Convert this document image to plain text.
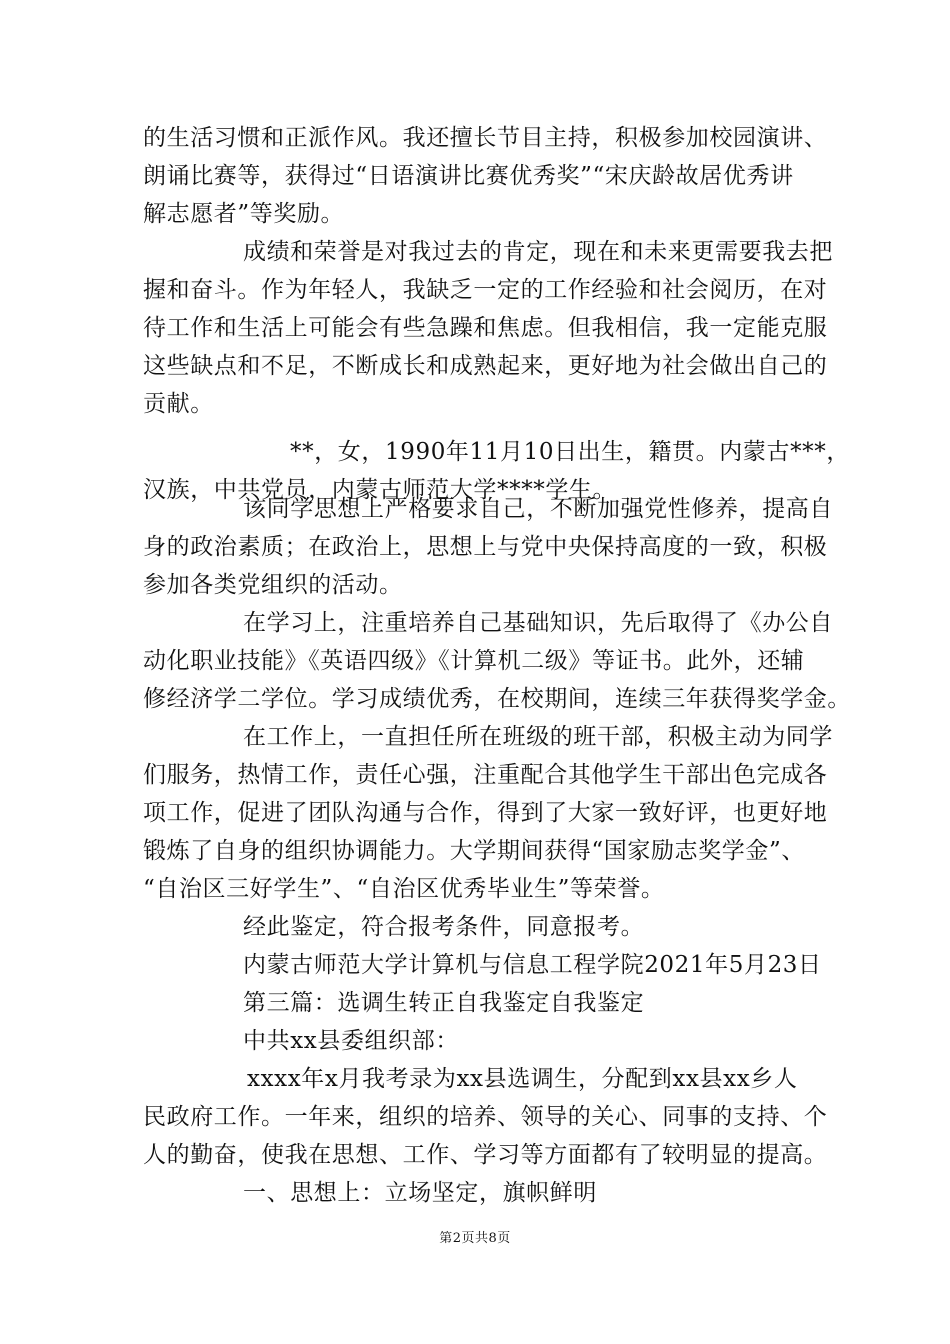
的生活习惯和正派作风。我还擅长节目主持，积极参加校园演讲、
朗诵比赛等，获得过“日语演讲比赛优秀奖”“宋庆龄故居优秀讲
解志愿者”等奖励。
成绩和荣誉是对我过去的肯定，现在和未来更需要我去把
握和奋斗。作为年轻人，我缺乏一定的工作经验和社会阅历，在对
待工作和生活上可能会有些急躁和焦虑。但我相信，我一定能克服
这些缺点和不足，不断成长和成熟起来，更好地为社会做出自己的
贡献。
**，女，1990年11月10日出生，籍贯。内蒙古***，
汉族，中共党员，内蒙古师范大学****学生。
该同学思想上严格要求自己，不断加强党性修养，提高自
身的政治素质；在政治上，思想上与党中央保持高度的一致，积极
参加各类党组织的活动。
在学习上，注重培养自己基础知识，先后取得了《办公自
动化职业技能》《英语四级》《计算机二级》等证书。此外，还辅
修经济学二学位。学习成绩优秀，在校期间，连续三年获得奖学金。
在工作上，一直担任所在班级的班干部，积极主动为同学
们服务，热情工作，责任心强，注重配合其他学生干部出色完成各
项工作，促进了团队沟通与合作，得到了大家一致好评，也更好地
锻炼了自身的组织协调能力。大学期间获得“国家励志奖学金”、
“自治区三好学生”、“自治区优秀毕业生”等荣誉。
经此鉴定，符合报考条件，同意报考。
内蒙古师范大学计算机与信息工程学院2021年5月23日
第三篇：选调生转正自我鉴定自我鉴定
中共xx县委组织部：
xxxx年x月我考录为xx县选调生，分配到xx县xx乡人
民政府工作。一年来，组织的培养、领导的关心、同事的支持、个
人的勤奋，使我在思想、工作、学习等方面都有了较明显的提高。
一、思想上：立场坚定，旗帜鲜明
第2页共8页
